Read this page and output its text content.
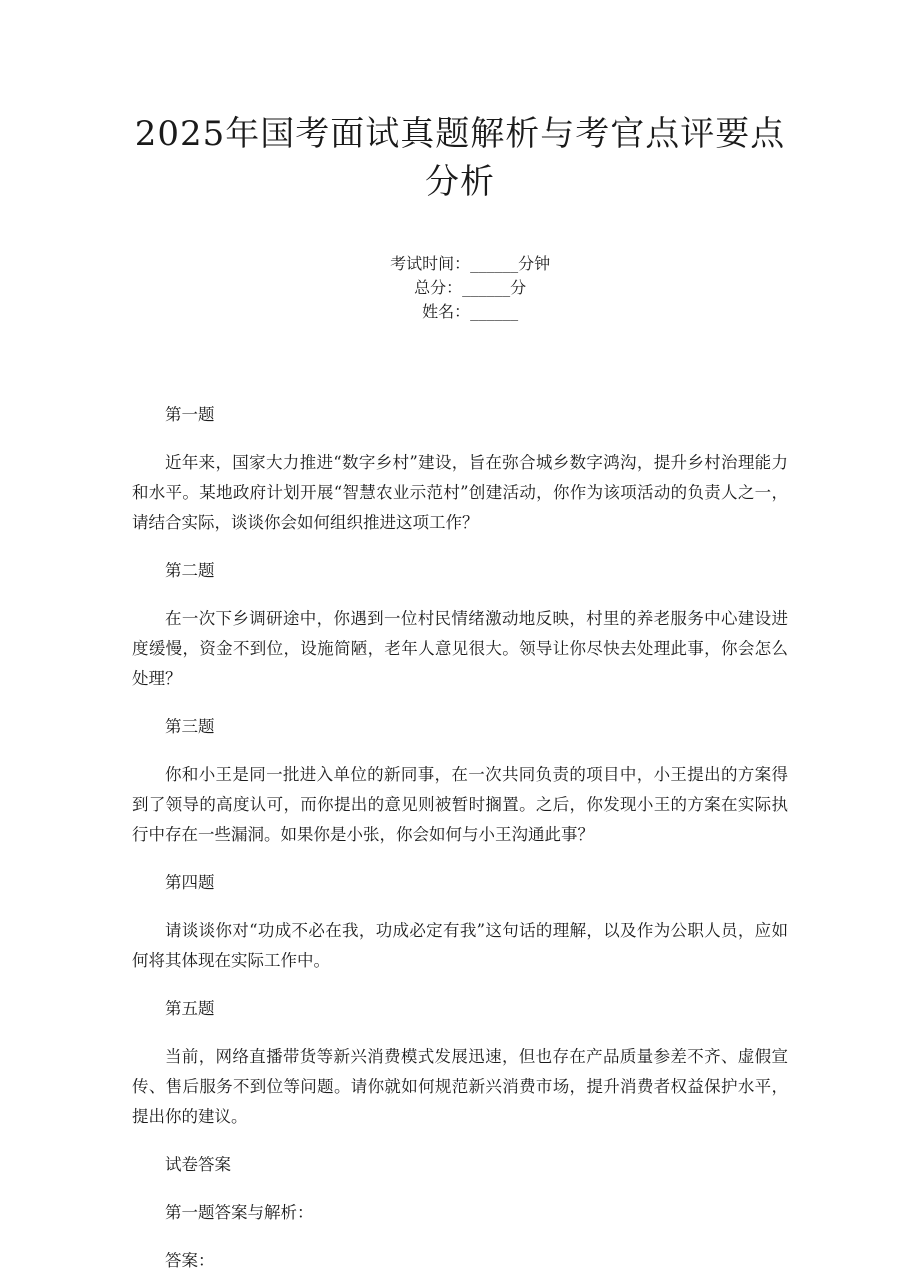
2025年国考面试真题解析与考官点评要点分析

考试时间：______分钟
总分：______分
姓名：______

第一题

近年来，国家大力推进“数字乡村”建设，旨在弥合城乡数字鸿沟，提升乡村治理能力和水平。某地政府计划开展“智慧农业示范村”创建活动，你作为该项活动的负责人之一，请结合实际，谈谈你会如何组织推进这项工作？

第二题

在一次下乡调研途中，你遇到一位村民情绪激动地反映，村里的养老服务中心建设进度缓慢，资金不到位，设施简陋，老年人意见很大。领导让你尽快去处理此事，你会怎么处理？

第三题

你和小王是同一批进入单位的新同事，在一次共同负责的项目中，小王提出的方案得到了领导的高度认可，而你提出的意见则被暂时搁置。之后，你发现小王的方案在实际执行中存在一些漏洞。如果你是小张，你会如何与小王沟通此事？

第四题

请谈谈你对“功成不必在我，功成必定有我”这句话的理解，以及作为公职人员，应如何将其体现在实际工作中。

第五题

当前，网络直播带货等新兴消费模式发展迅速，但也存在产品质量参差不齐、虚假宣传、售后服务不到位等问题。请你就如何规范新兴消费市场，提升消费者权益保护水平，提出你的建议。

试卷答案

第一题答案与解析：

答案：
